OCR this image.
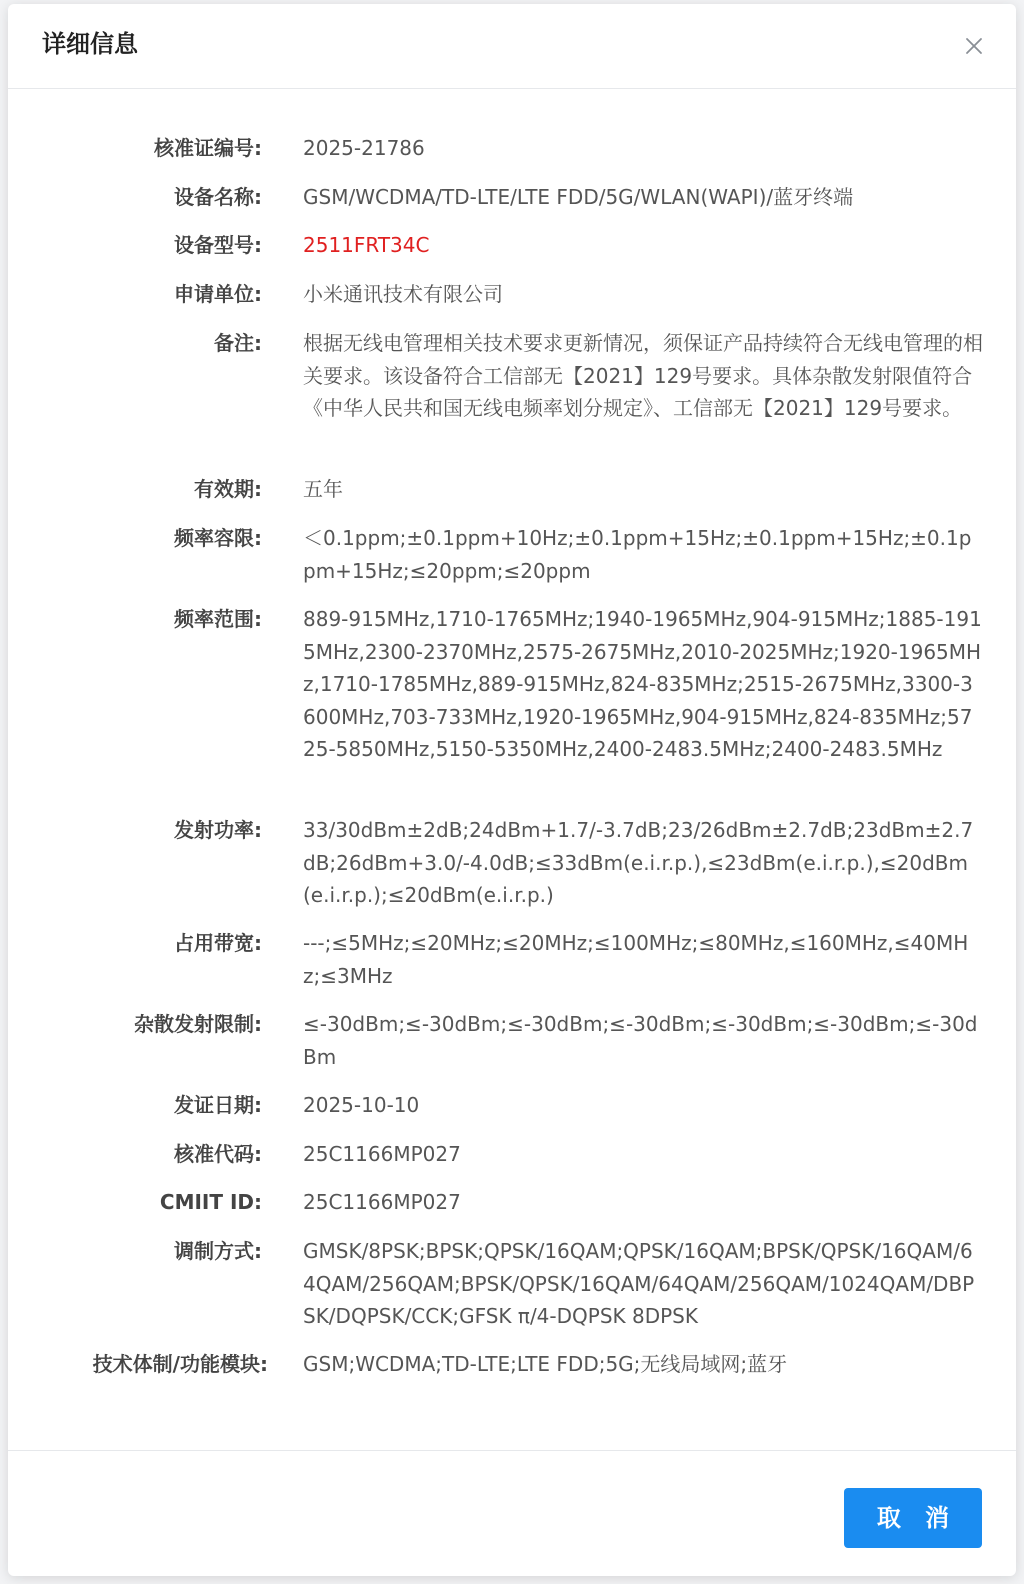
详细信息
核准证编号: 2025-21786
设备名称: GSM/WCDMA/TD-LTE/LTE FDD/5G/WLAN(WAPI)/蓝牙终端
设备型号: 2511FRT34C
申请单位: 小米通讯技术有限公司
备注: 根据无线电管理相关技术要求更新情况，须保证产品持续符合无线电管理的相关要求。该设备符合工信部无【2021】129号要求。具体杂散发射限值符合《中华人民共和国无线电频率划分规定》、工信部无【2021】129号要求。
有效期: 五年
频率容限: ＜0.1ppm;±0.1ppm+10Hz;±0.1ppm+15Hz;±0.1ppm+15Hz;±0.1ppm+15Hz;≤20ppm;≤20ppm
频率范围: 889-915MHz,1710-1765MHz;1940-1965MHz,904-915MHz;1885-1915MHz,2300-2370MHz,2575-2675MHz,2010-2025MHz;1920-1965MHz,1710-1785MHz,889-915MHz,824-835MHz;2515-2675MHz,3300-3600MHz,703-733MHz,1920-1965MHz,904-915MHz,824-835MHz;5725-5850MHz,5150-5350MHz,2400-2483.5MHz;2400-2483.5MHz
发射功率: 33/30dBm±2dB;24dBm+1.7/-3.7dB;23/26dBm±2.7dB;23dBm±2.7dB;26dBm+3.0/-4.0dB;≤33dBm(e.i.r.p.),≤23dBm(e.i.r.p.),≤20dBm(e.i.r.p.);≤20dBm(e.i.r.p.)
占用带宽: ---;≤5MHz;≤20MHz;≤20MHz;≤100MHz;≤80MHz,≤160MHz,≤40MHz;≤3MHz
杂散发射限制: ≤-30dBm;≤-30dBm;≤-30dBm;≤-30dBm;≤-30dBm;≤-30dBm;≤-30dBm
发证日期: 2025-10-10
核准代码: 25C1166MP027
CMIIT ID: 25C1166MP027
调制方式: GMSK/8PSK;BPSK;QPSK/16QAM;QPSK/16QAM;BPSK/QPSK/16QAM/64QAM/256QAM;BPSK/QPSK/16QAM/64QAM/256QAM/1024QAM/DBPSK/DQPSK/CCK;GFSK π/4-DQPSK 8DPSK
技术体制/功能模块: GSM;WCDMA;TD-LTE;LTE FDD;5G;无线局域网;蓝牙
取 消
